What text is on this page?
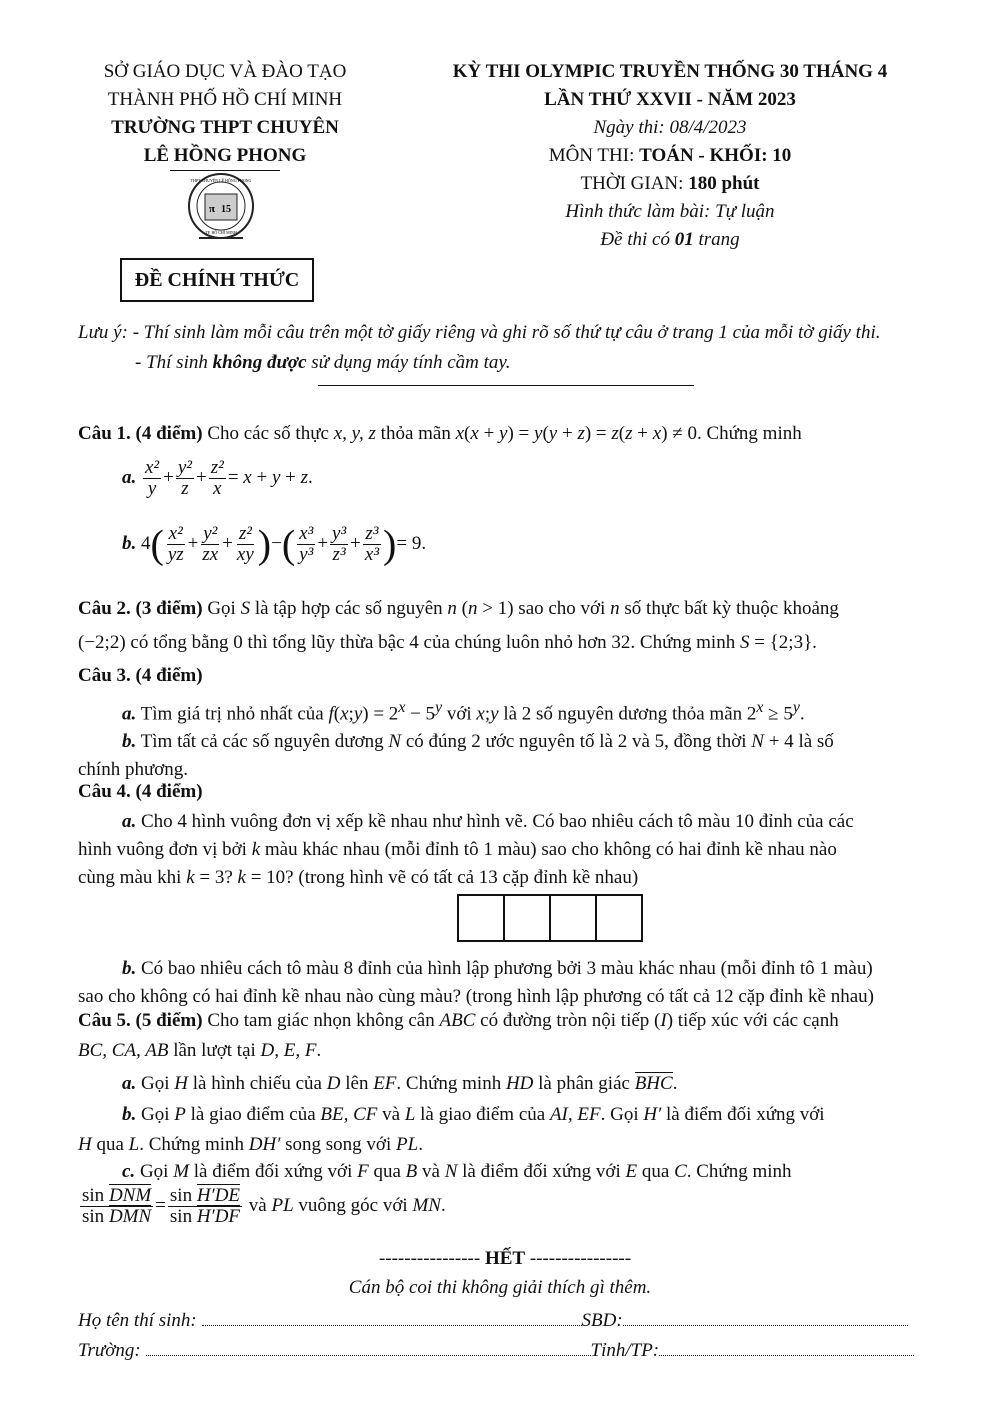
SỞ GIÁO DỤC VÀ ĐÀO TẠO
THÀNH PHỐ HỒ CHÍ MINH
TRƯỜNG THPT CHUYÊN
LÊ HỒNG PHONG
π 15
THPT CHUYÊN LÊ HỒNG PHONG
TP. HỒ CHÍ MINH
ĐỀ CHÍNH THỨC
KỲ THI OLYMPIC TRUYỀN THỐNG 30 THÁNG 4
LẦN THỨ XXVII - NĂM 2023
Ngày thi: 08/4/2023
MÔN THI: TOÁN - KHỐI: 10
THỜI GIAN: 180 phút
Hình thức làm bài: Tự luận
Đề thi có 01 trang
Lưu ý: - Thí sinh làm mỗi câu trên một tờ giấy riêng và ghi rõ số thứ tự câu ở trang 1 của mỗi tờ giấy thi.
- Thí sinh không được sử dụng máy tính cầm tay.
Câu 1. (4 điểm) Cho các số thực x, y, z thỏa mãn x(x + y) = y(y + z) = z(z + x) ≠ 0. Chứng minh
a. $\frac{\text{x²}}{y} + \frac{\text{y²}}{z} + \frac{\text{z²}}{x} = x + y + z$.
b. $4( \frac{\text{x²}}{yz} + \frac{\text{y²}}{zx} + \frac{\text{z²}}{xy}$ )−( $\frac{\text{x³}}{\text{y³}} + \frac{\text{y³}}{\text{z³}} + \frac{\text{z³}}{\text{x³}}$ )= 9.
Câu 2. (3 điểm) Gọi S là tập hợp các số nguyên n (n > 1) sao cho với n số thực bất kỳ thuộc khoảng
(−2;2) có tổng bằng 0 thì tổng lũy thừa bậc 4 của chúng luôn nhỏ hơn 32. Chứng minh S = {2;3}.
Câu 3. (4 điểm)
a. Tìm giá trị nhỏ nhất của f(x;y) = $2^x - 5^y$ với x;y là 2 số nguyên dương thỏa mãn $2^x \ge 5^y$.
b. Tìm tất cả các số nguyên dương N có đúng 2 ước nguyên tố là 2 và 5, đồng thời N + 4 là số
chính phương.
Câu 4. (4 điểm)
a. Cho 4 hình vuông đơn vị xếp kề nhau như hình vẽ. Có bao nhiêu cách tô màu 10 đỉnh của các
hình vuông đơn vị bởi k màu khác nhau (mỗi đỉnh tô 1 màu) sao cho không có hai đỉnh kề nhau nào
cùng màu khi k = 3? k = 10? (trong hình vẽ có tất cả 13 cặp đỉnh kề nhau)
b. Có bao nhiêu cách tô màu 8 đỉnh của hình lập phương bởi 3 màu khác nhau (mỗi đỉnh tô 1 màu)
sao cho không có hai đỉnh kề nhau nào cùng màu? (trong hình lập phương có tất cả 12 cặp đỉnh kề nhau)
Câu 5. (5 điểm) Cho tam giác nhọn không cân ABC có đường tròn nội tiếp (I) tiếp xúc với các cạnh
BC, CA, AB lần lượt tại D, E, F.
a. Gọi H là hình chiếu của D lên EF. Chứng minh HD là phân giác BHC.
b. Gọi P là giao điểm của BE, CF và L là giao điểm của AI, EF. Gọi H′ là điểm đối xứng với
H qua L. Chứng minh DH′ song song với PL.
c. Gọi M là điểm đối xứng với F qua B và N là điểm đối xứng với E qua C. Chứng minh
$\frac{\text{sin DNM}}{\text{sin DMN}} = \frac{\text{sin H′DE}}{\text{sin H′DF}}$ và PL vuông góc với MN.
---------------- HẾT ----------------
Cán bộ coi thi không giải thích gì thêm.
Họ tên thí sinh:	SBD:
Trường:	Tỉnh/TP:
